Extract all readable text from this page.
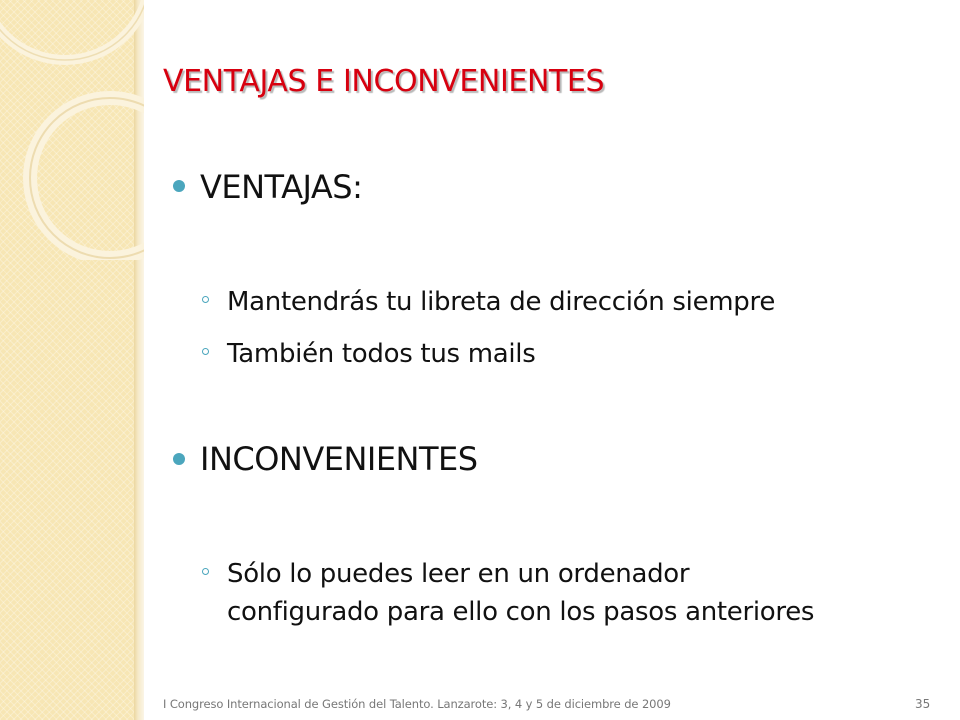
VENTAJAS E INCONVENIENTES
VENTAJAS:
Mantendrás tu libreta de dirección siempre
También todos tus mails
INCONVENIENTES
Sólo lo puedes leer en un ordenador
configurado para ello con los pasos anteriores
I Congreso Internacional de Gestión del Talento. Lanzarote: 3, 4 y 5 de diciembre de 2009	35
